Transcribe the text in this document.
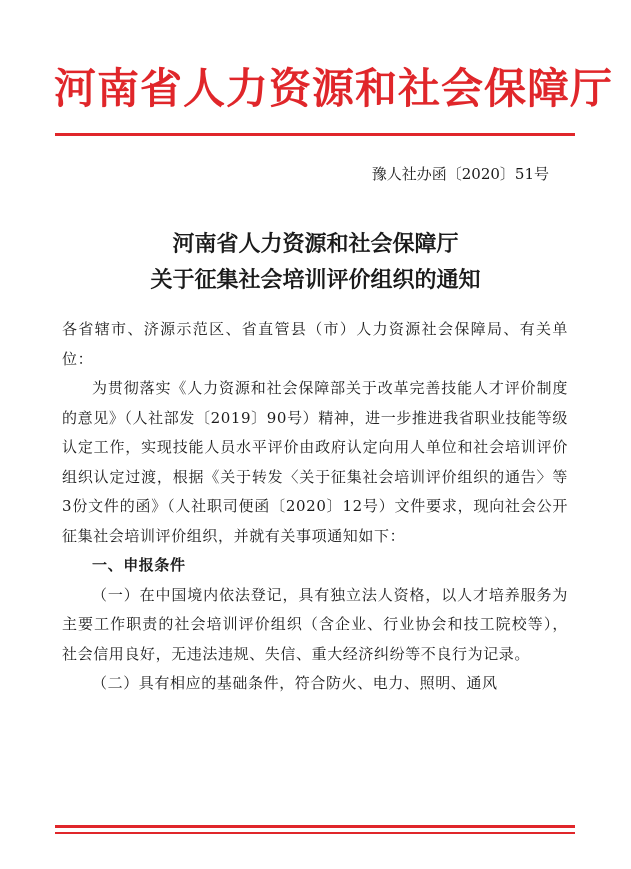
河南省人力资源和社会保障厅
豫人社办函〔2020〕51号
河南省人力资源和社会保障厅
关于征集社会培训评价组织的通知

各省辖市、济源示范区、省直管县（市）人力资源社会保障局、有关单位：

为贯彻落实《人力资源和社会保障部关于改革完善技能人才评价制度的意见》（人社部发〔2019〕90号）精神，进一步推进我省职业技能等级认定工作，实现技能人员水平评价由政府认定向用人单位和社会培训评价组织认定过渡，根据《关于转发〈关于征集社会培训评价组织的通告〉等3份文件的函》（人社职司便函〔2020〕12号）文件要求，现向社会公开征集社会培训评价组织，并就有关事项通知如下：

一、申报条件

（一）在中国境内依法登记，具有独立法人资格，以人才培养服务为主要工作职责的社会培训评价组织（含企业、行业协会和技工院校等），社会信用良好，无违法违规、失信、重大经济纠纷等不良行为记录。

（二）具有相应的基础条件，符合防火、电力、照明、通风
